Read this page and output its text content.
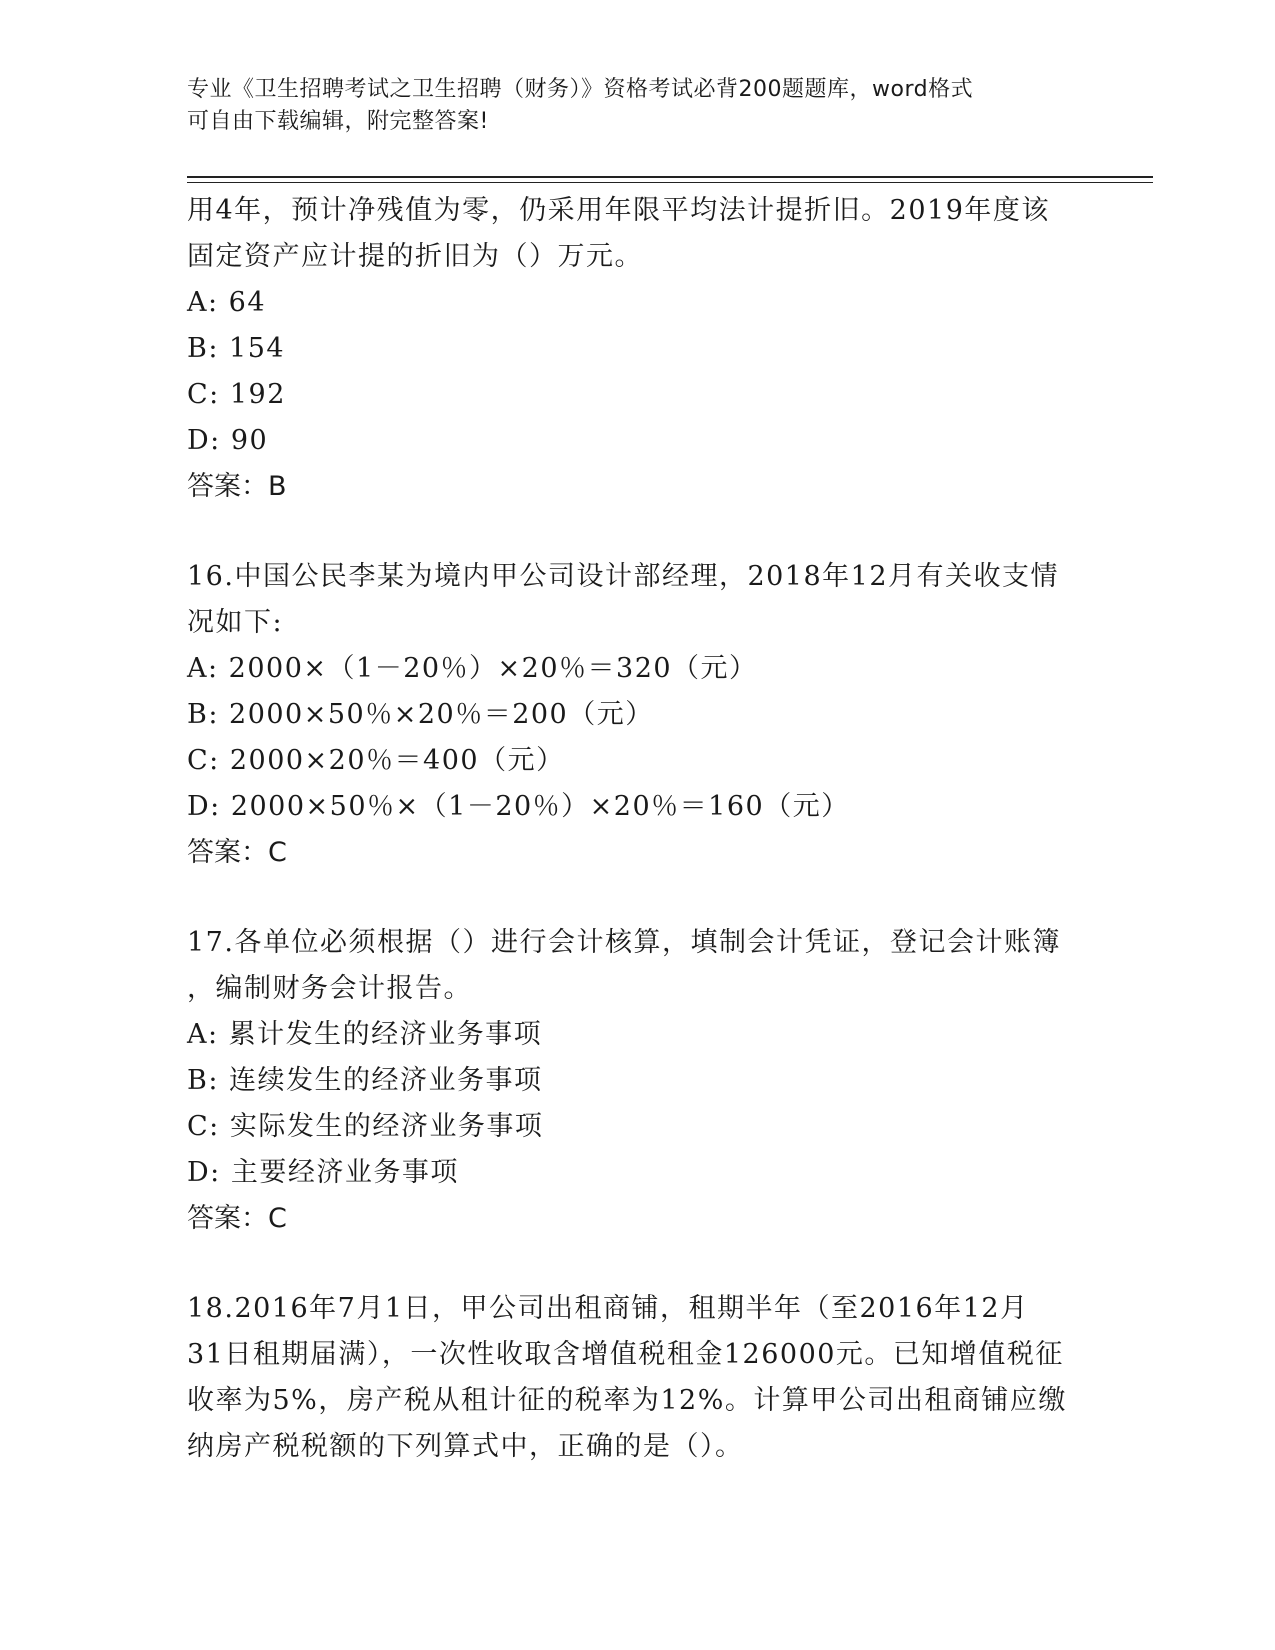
专业《卫生招聘考试之卫生招聘（财务）》资格考试必背200题题库，word格式
可自由下载编辑，附完整答案!
用4年，预计净残值为零，仍采用年限平均法计提折旧。2019年度该
固定资产应计提的折旧为（）万元。
A: 64
B: 154
C: 192
D: 90
答案：B
16.中国公民李某为境内甲公司设计部经理，2018年12月有关收支情
况如下:
A: 2000×（1－20％）×20％＝320（元）
B: 2000×50％×20％＝200（元）
C: 2000×20％＝400（元）
D: 2000×50％×（1－20％）×20％＝160（元）
答案：C
17.各单位必须根据（）进行会计核算，填制会计凭证，登记会计账簿
，编制财务会计报告。
A: 累计发生的经济业务事项
B: 连续发生的经济业务事项
C: 实际发生的经济业务事项
D: 主要经济业务事项
答案：C
18.2016年7月1日，甲公司出租商铺，租期半年（至2016年12月
31日租期届满），一次性收取含增值税租金126000元。已知增值税征
收率为5%，房产税从租计征的税率为12%。计算甲公司出租商铺应缴
纳房产税税额的下列算式中，正确的是（）。
